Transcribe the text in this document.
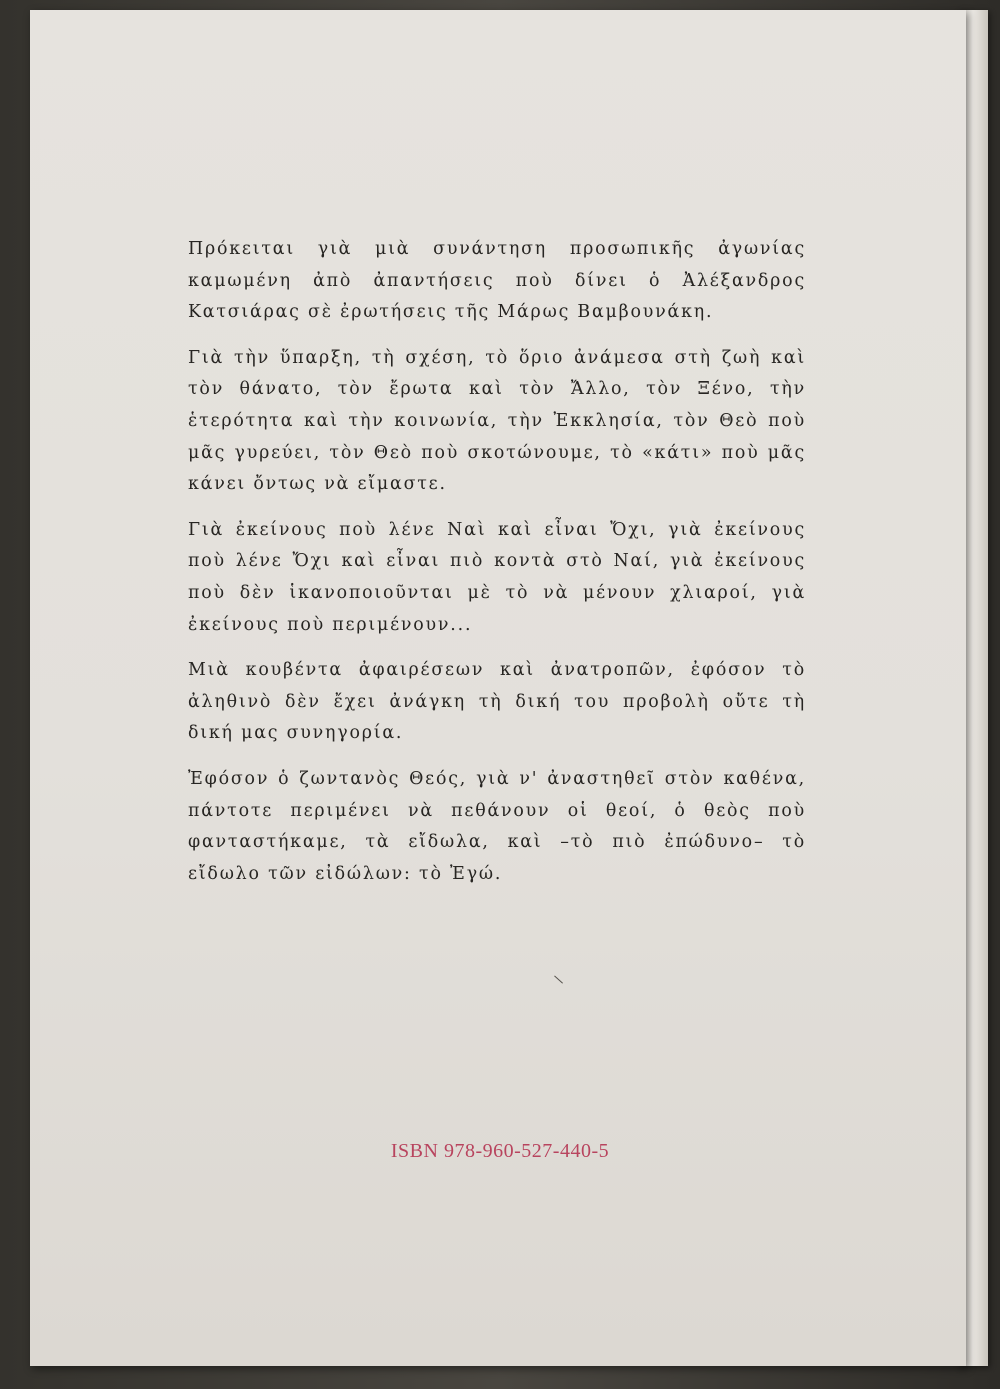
Πρόκειται γιὰ μιὰ συνάντηση προσωπικῆς ἀγωνίας καμωμένη ἀπὸ ἀπαντήσεις ποὺ δίνει ὁ Ἀλέξανδρος Κατσιάρας σὲ ἐρωτήσεις τῆς Μάρως Βαμβουνάκη.

Γιὰ τὴν ὕπαρξη, τὴ σχέση, τὸ ὅριο ἀνάμεσα στὴ ζωὴ καὶ τὸν θάνατο, τὸν ἔρωτα καὶ τὸν Ἄλλο, τὸν Ξένο, τὴν ἑτερότητα καὶ τὴν κοινωνία, τὴν Ἐκκλησία, τὸν Θεὸ ποὺ μᾶς γυρεύει, τὸν Θεὸ ποὺ σκοτώνουμε, τὸ «κάτι» ποὺ μᾶς κάνει ὄντως νὰ εἴμαστε.

Γιὰ ἐκείνους ποὺ λένε Ναὶ καὶ εἶναι Ὄχι, γιὰ ἐκείνους ποὺ λένε Ὄχι καὶ εἶναι πιὸ κοντὰ στὸ Ναί, γιὰ ἐκείνους ποὺ δὲν ἱκανοποιοῦνται μὲ τὸ νὰ μένουν χλιαροί, γιὰ ἐκείνους ποὺ περιμένουν...

Μιὰ κουβέντα ἀφαιρέσεων καὶ ἀνατροπῶν, ἐφόσον τὸ ἀληθινὸ δὲν ἔχει ἀνάγκη τὴ δική του προβολὴ οὔτε τὴ δική μας συνηγορία.

Ἐφόσον ὁ ζωντανὸς Θεός, γιὰ ν' ἀναστηθεῖ στὸν καθένα, πάντοτε περιμένει νὰ πεθάνουν οἱ θεοί, ὁ θεὸς ποὺ φανταστήκαμε, τὰ εἴδωλα, καὶ –τὸ πιὸ ἐπώδυνο– τὸ εἴδωλο τῶν εἰδώλων: τὸ Ἐγώ.

ISBN 978-960-527-440-5
